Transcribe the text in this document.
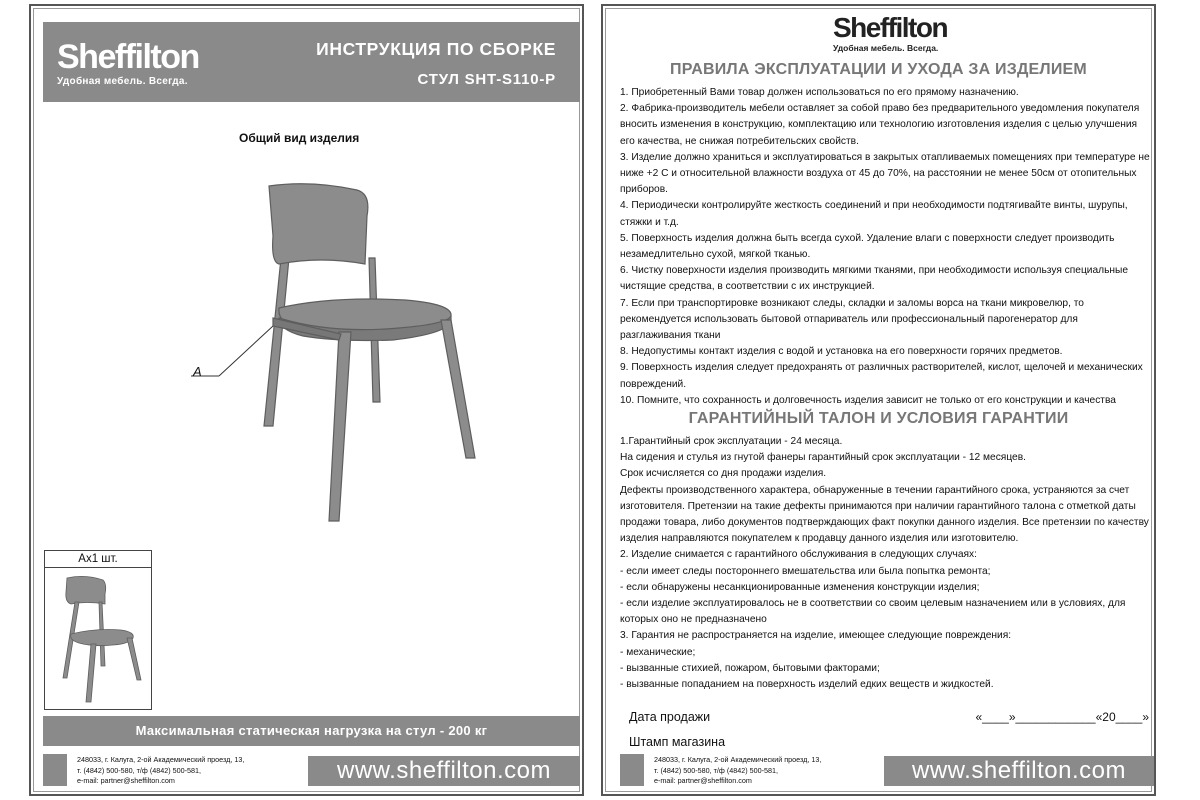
Sheffilton
Удобная мебель. Всегда.
ИНСТРУКЦИЯ ПО СБОРКЕ
СТУЛ SHT-S110-P
Общий вид изделия
A
Ax1 шт.
Максимальная статическая нагрузка на стул - 200 кг
248033, г. Калуга, 2-ой Академический проезд, 13,
т. (4842) 500-580, т/ф (4842) 500-581,
e-mail: partner@sheffilton.com	www.sheffilton.com
Sheffilton
Удобная мебель. Всегда.
ПРАВИЛА ЭКСПЛУАТАЦИИ И УХОДА ЗА ИЗДЕЛИЕМ
1. Приобретенный Вами товар должен использоваться по его прямому назначению.
2. Фабрика-производитель мебели оставляет за собой право без предварительного уведомления покупателя вносить изменения в конструкцию, комплектацию или технологию изготовления изделия с целью улучшения его качества, не снижая потребительских свойств.
3. Изделие должно храниться и эксплуатироваться в закрытых отапливаемых помещениях при температуре не ниже +2 С и относительной влажности воздуха от 45 до 70%, на расстоянии не менее 50см от отопительных приборов.
4. Периодически контролируйте жесткость соединений и при необходимости подтягивайте винты, шурупы, стяжки и т.д.
5. Поверхность изделия должна быть всегда сухой. Удаление влаги с поверхности следует производить незамедлительно сухой, мягкой тканью.
6. Чистку поверхности изделия производить мягкими тканями, при необходимости используя специальные чистящие средства, в соответствии с их инструкцией.
7. Если при транспортировке возникают следы, складки и заломы ворса на ткани микровелюр, то рекомендуется использовать бытовой отпариватель или профессиональный парогенератор для разглаживания ткани
8. Недопустимы контакт изделия с водой и установка на его поверхности горячих предметов.
9. Поверхность изделия следует предохранять от различных растворителей, кислот, щелочей и механических повреждений.
10. Помните, что сохранность и долговечность изделия зависит не только от его конструкции и качества
ГАРАНТИЙНЫЙ ТАЛОН И УСЛОВИЯ ГАРАНТИИ
1.Гарантийный срок эксплуатации - 24 месяца.
На сидения и стулья из гнутой фанеры гарантийный срок эксплуатации - 12 месяцев.
Срок исчисляется со дня продажи изделия.
Дефекты производственного характера, обнаруженные в течении гарантийного срока, устраняются за счет изготовителя. Претензии на такие дефекты принимаются при наличии гарантийного талона с отметкой даты продажи товара, либо документов подтверждающих факт покупки данного изделия. Все претензии по качеству изделия направляются покупателем к продавцу данного изделия или изготовителю.
2. Изделие снимается с гарантийного обслуживания в следующих случаях:
- если имеет следы постороннего вмешательства или была попытка ремонта;
- если обнаружены несанкционированные изменения конструкции изделия;
- если изделие эксплуатировалось не в соответствии со своим целевым назначением или в условиях, для которых оно не предназначено
3. Гарантия не распространяется на изделие, имеющее следующие повреждения:
- механические;
- вызванные стихией, пожаром, бытовыми факторами;
- вызванные попаданием на поверхность изделий едких веществ и жидкостей.
Дата продажи	«____»____________«20____»
Штамп магазина
248033, г. Калуга, 2-ой Академический проезд, 13,
т. (4842) 500-580, т/ф (4842) 500-581,
e-mail: partner@sheffilton.com	www.sheffilton.com
